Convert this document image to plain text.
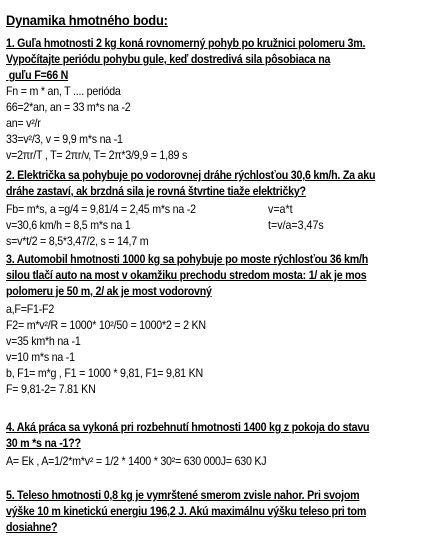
Dynamika hmotného bodu:
1. Guľa hmotnosti 2 kg koná rovnomerný pohyb po kružnici polomeru 3m.
Vypočítajte periódu pohybu gule, keď dostredivá sila pôsobiaca na
guľu F=66 N
Fn = m * an, T .... perióda
66=2*an, an = 33 m*s na -2
an= v²/r
33=v²/3, v = 9,9 m*s na -1
v=2πr/T , T= 2πr/v, T= 2π*3/9,9 = 1,89 s
2. Električka sa pohybuje po vodorovnej dráhe rýchlosťou 30,6 km/h. Za aku
dráhe zastaví, ak brzdná sila je rovná štvrtine tiaže električky?
Fb= m*s, a =g/4 = 9,81/4 = 2,45 m*s na -2	v=a*t
v=30,6 km/h = 8,5 m*s na 1	t=v/a=3,47s
s=v*t/2 = 8,5*3,47/2, s = 14,7 m
3. Automobil hmotnosti 1000 kg sa pohybuje po moste rýchlosťou 36 km/h
silou tlačí auto na most v okamžiku prechodu stredom mosta: 1/ ak je mos
polomeru je 50 m, 2/ ak je most vodorovný
a,F=F1-F2
F2= m*v²/R = 1000* 10²/50 = 1000*2 = 2 KN
v=35 km*h na -1
v=10 m*s na -1
b, F1= m*g , F1 = 1000 * 9,81, F1= 9,81 KN
F= 9,81-2= 7.81 KN
4. Aká práca sa vykoná pri rozbehnutí hmotnosti 1400 kg z pokoja do stavu
30 m *s na -1??
A= Ek , A=1/2*m*v² = 1/2 * 1400 * 30²= 630 000J= 630 KJ
5. Teleso hmotnosti 0,8 kg je vymrštené smerom zvisle nahor. Pri svojom
výške 10 m kinetickú energiu 196,2 J. Akú maximálnu výšku teleso pri tom
dosiahne?
